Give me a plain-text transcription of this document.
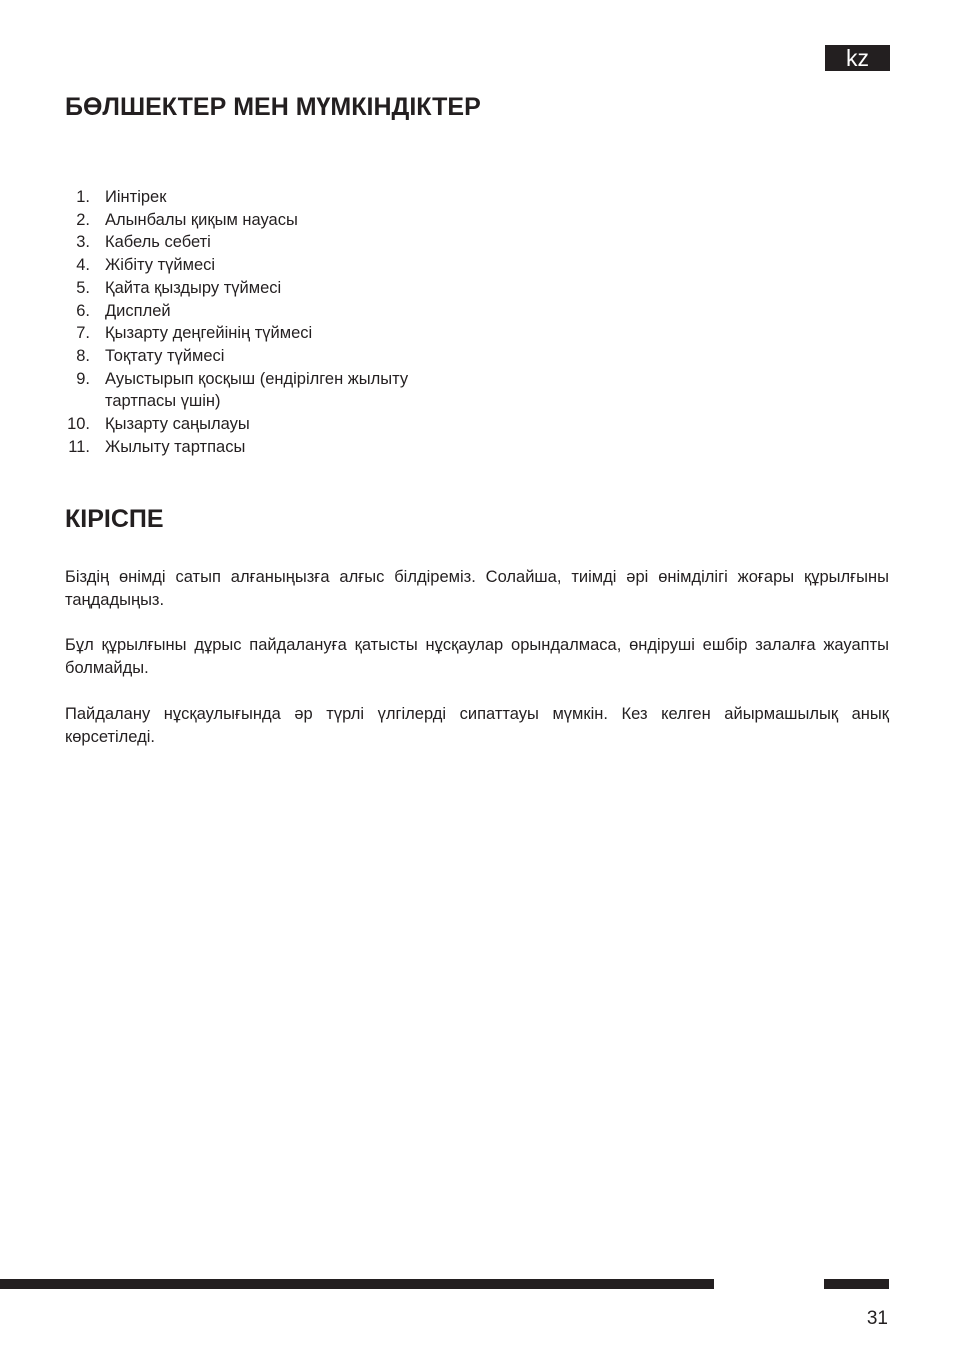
kz
БӨЛШЕКТЕР МЕН МҮМКІНДІКТЕР
1. Иінтірек
2. Алынбалы қиқым науасы
3. Кабель себеті
4. Жібіту түймесі
5. Қайта қыздыру түймесі
6. Дисплей
7. Қызарту деңгейінің түймесі
8. Тоқтату түймесі
9. Ауыстырып қосқыш (ендірілген жылыту тартпасы үшін)
10. Қызарту саңылауы
11. Жылыту тартпасы
КІРІСПЕ

Біздің өнімді сатып алғаныңызға алғыс білдіреміз. Солайша, тиімді әрі өнімділігі жоғары құрылғыны таңдадыңыз.

Бұл құрылғыны дұрыс пайдалануға қатысты нұсқаулар орындалмаса, өндіруші ешбір залалға жауапты болмайды.

Пайдалану нұсқаулығында әр түрлі үлгілерді сипаттауы мүмкін. Кез келген айырмашылық анық көрсетіледі.

31
